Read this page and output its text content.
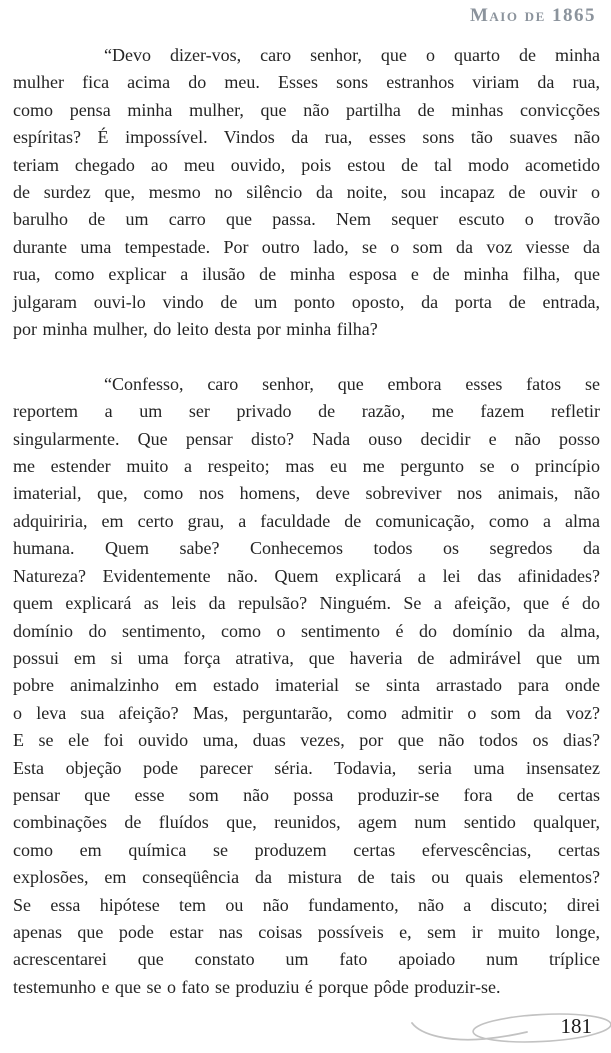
Maio de 1865

“Devo dizer-vos, caro senhor, que o quarto de minha
mulher fica acima do meu. Esses sons estranhos viriam da rua,
como pensa minha mulher, que não partilha de minhas convicções
espíritas? É impossível. Vindos da rua, esses sons tão suaves não
teriam chegado ao meu ouvido, pois estou de tal modo acometido
de surdez que, mesmo no silêncio da noite, sou incapaz de ouvir o
barulho de um carro que passa. Nem sequer escuto o trovão
durante uma tempestade. Por outro lado, se o som da voz viesse da
rua, como explicar a ilusão de minha esposa e de minha filha, que
julgaram ouvi-lo vindo de um ponto oposto, da porta de entrada,
por minha mulher, do leito desta por minha filha?

“Confesso, caro senhor, que embora esses fatos se
reportem a um ser privado de razão, me fazem refletir
singularmente. Que pensar disto? Nada ouso decidir e não posso
me estender muito a respeito; mas eu me pergunto se o princípio
imaterial, que, como nos homens, deve sobreviver nos animais, não
adquiriria, em certo grau, a faculdade de comunicação, como a alma
humana. Quem sabe? Conhecemos todos os segredos da
Natureza? Evidentemente não. Quem explicará a lei das afinidades?
quem explicará as leis da repulsão? Ninguém. Se a afeição, que é do
domínio do sentimento, como o sentimento é do domínio da alma,
possui em si uma força atrativa, que haveria de admirável que um
pobre animalzinho em estado imaterial se sinta arrastado para onde
o leva sua afeição? Mas, perguntarão, como admitir o som da voz?
E se ele foi ouvido uma, duas vezes, por que não todos os dias?
Esta objeção pode parecer séria. Todavia, seria uma insensatez
pensar que esse som não possa produzir-se fora de certas
combinações de fluídos que, reunidos, agem num sentido qualquer,
como em química se produzem certas efervescências, certas
explosões, em conseqüência da mistura de tais ou quais elementos?
Se essa hipótese tem ou não fundamento, não a discuto; direi
apenas que pode estar nas coisas possíveis e, sem ir muito longe,
acrescentarei que constato um fato apoiado num tríplice
testemunho e que se o fato se produziu é porque pôde produzir-se.

181
